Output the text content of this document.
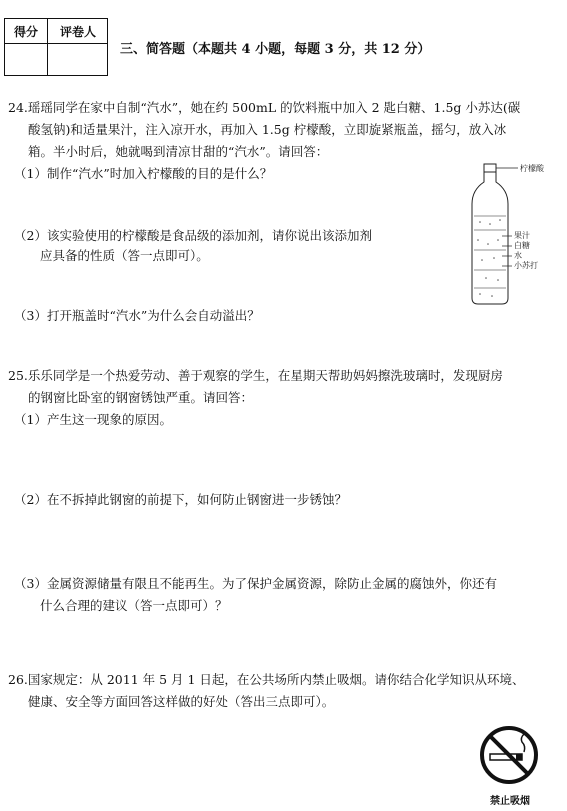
得分	评卷人
三、简答题（本题共 4 小题，每题 3 分，共 12 分）
24.瑶瑶同学在家中自制“汽水”，她在约 500mL 的饮料瓶中加入 2 匙白糖、1.5g 小苏达(碳
酸氢钠)和适量果汁，注入凉开水，再加入 1.5g 柠檬酸，立即旋紧瓶盖，摇匀，放入冰
箱。半小时后，她就喝到清凉甘甜的“汽水”。请回答：
（1）制作“汽水”时加入柠檬酸的目的是什么？
（2）该实验使用的柠檬酸是食品级的添加剂，请你说出该添加剂
应具备的性质（答一点即可）。
（3）打开瓶盖时“汽水”为什么会自动溢出？
柠檬酸
果汁
白糖
水
小苏打
25.乐乐同学是一个热爱劳动、善于观察的学生，在星期天帮助妈妈擦洗玻璃时，发现厨房
的钢窗比卧室的钢窗锈蚀严重。请回答：
（1）产生这一现象的原因。
（2）在不拆掉此钢窗的前提下，如何防止钢窗进一步锈蚀？
（3）金属资源储量有限且不能再生。为了保护金属资源，除防止金属的腐蚀外，你还有
什么合理的建议（答一点即可）？
26.国家规定：从 2011 年 5 月 1 日起，在公共场所内禁止吸烟。请你结合化学知识从环境、
健康、安全等方面回答这样做的好处（答出三点即可）。
禁止吸烟
